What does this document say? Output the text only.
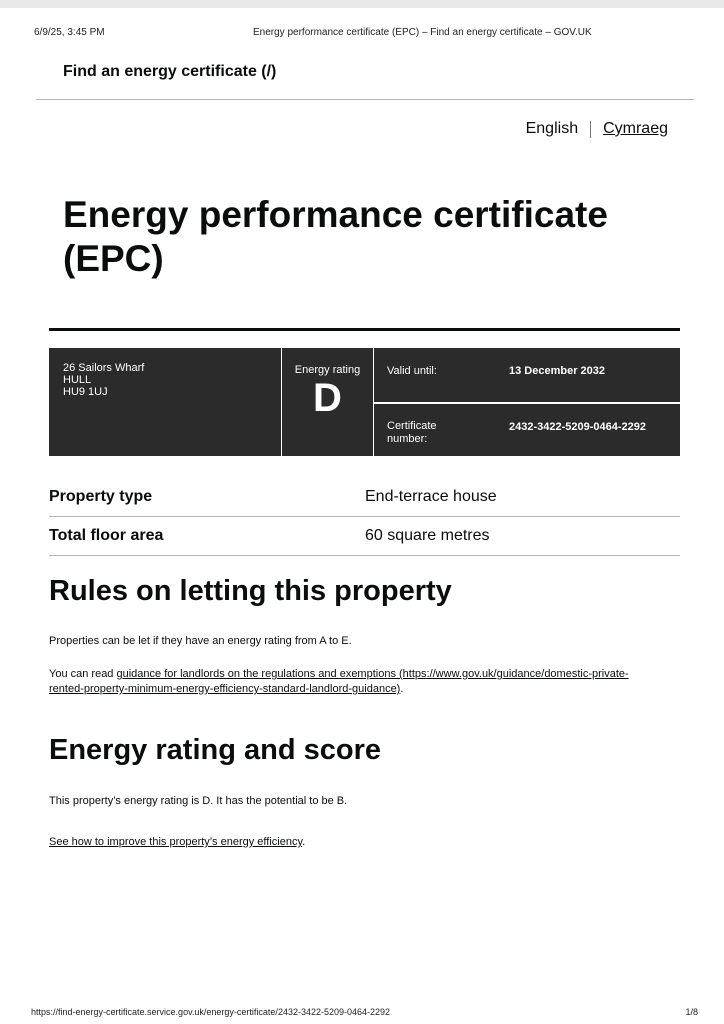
6/9/25, 3:45 PM	Energy performance certificate (EPC) – Find an energy certificate – GOV.UK
Find an energy certificate (/)
English Cymraeg
Energy performance certificate (EPC)
26 Sailors Wharf
HULL
HU9 1UJ
Energy rating
D
Valid until:	13 December 2032
Certificate number:
2432-3422-5209-0464-2292
Property type	End-terrace house
Total floor area	60 square metres
Rules on letting this property
Properties can be let if they have an energy rating from A to E.
You can read guidance for landlords on the regulations and exemptions (https://www.gov.uk/guidance/domestic-private-rented-property-minimum-energy-efficiency-standard-landlord-guidance).
Energy rating and score
This property’s energy rating is D. It has the potential to be B.
See how to improve this property’s energy efficiency.
https://find-energy-certificate.service.gov.uk/energy-certificate/2432-3422-5209-0464-2292	1/8
